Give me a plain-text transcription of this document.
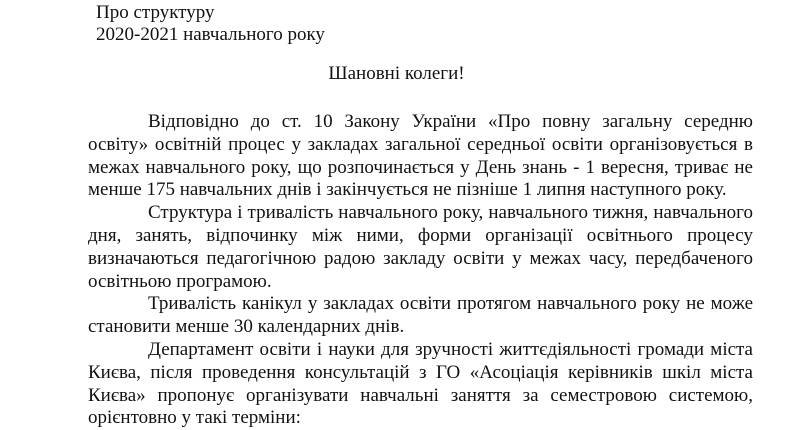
Про структуру
2020-2021 навчального року
Шановні колеги!

Відповідно до ст. 10 Закону України «Про повну загальну середню освіту» освітній процес у закладах загальної середньої освіти організовується в межах навчального року, що розпочинається у День знань - 1 вересня, триває не менше 175 навчальних днів і закінчується не пізніше 1 липня наступного року.

Структура і тривалість навчального року, навчального тижня, навчального дня, занять, відпочинку між ними, форми організації освітнього процесу визначаються педагогічною радою закладу освіти у межах часу, передбаченого освітньою програмою.

Тривалість канікул у закладах освіти протягом навчального року не може становити менше 30 календарних днів.

Департамент освіти і науки для зручності життєдіяльності громади міста Києва, після проведення консультацій з ГО «Асоціація керівників шкіл міста Києва» пропонує організувати навчальні заняття за семестровою системою, орієнтовно у такі терміни:
